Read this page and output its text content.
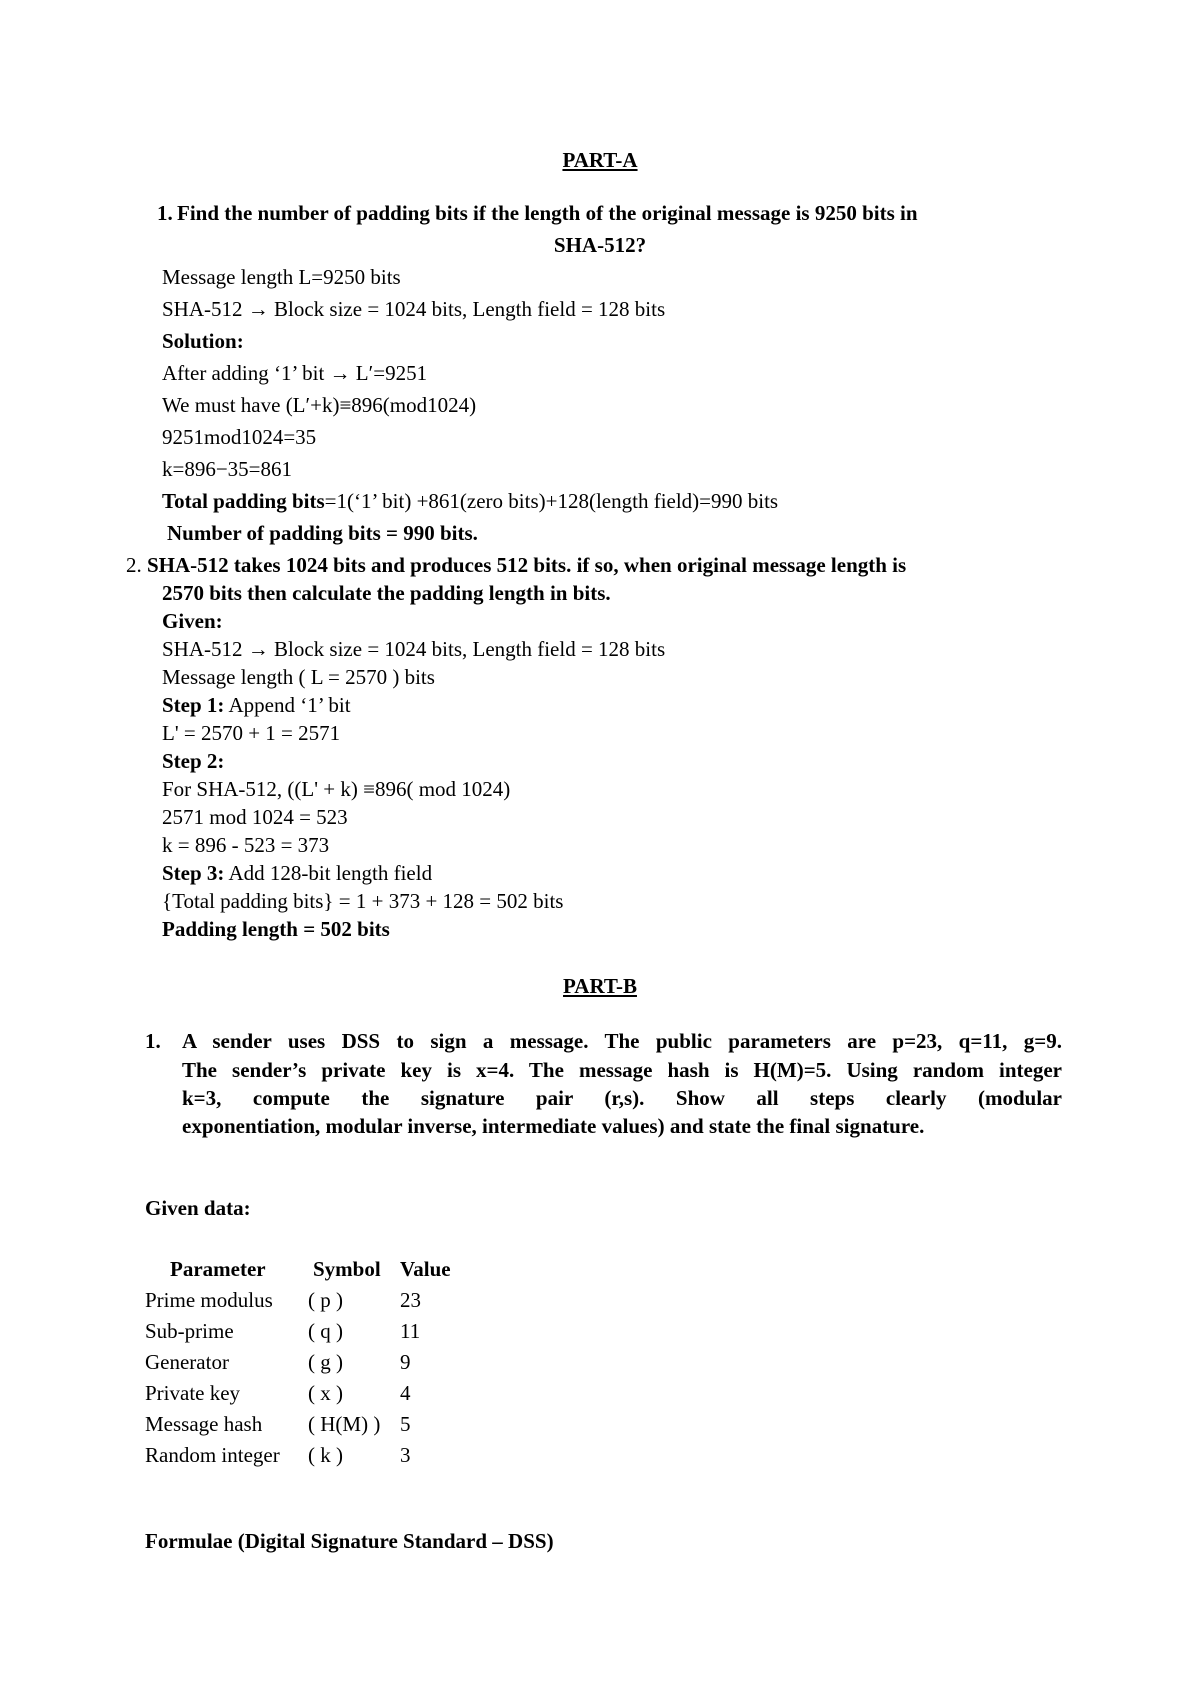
PART-A
1. Find the number of padding bits if the length of the original message is 9250 bits in
SHA-512?
Message length L=9250 bits
SHA-512 → Block size = 1024 bits, Length field = 128 bits
Solution:
After adding ‘1’ bit → L′=9251
We must have (L′+k)≡896(mod1024)
9251mod1024=35
k=896−35=861
Total padding bits=1(‘1’ bit) +861(zero bits)+128(length field)=990 bits
Number of padding bits = 990 bits.
2. SHA-512 takes 1024 bits and produces 512 bits. if so, when original message length is
2570 bits then calculate the padding length in bits.
Given:
SHA-512 → Block size = 1024 bits, Length field = 128 bits
Message length ( L = 2570 ) bits
Step 1: Append ‘1’ bit
L' = 2570 + 1 = 2571
Step 2:
For SHA-512, ((L' + k) ≡896( mod 1024)
2571 mod 1024 = 523
k = 896 - 523 = 373
Step 3: Add 128-bit length field
{Total padding bits} = 1 + 373 + 128 = 502 bits
Padding length = 502 bits
PART-B
1. A sender uses DSS to sign a message. The public parameters are p=23, q=11, g=9.
The sender’s private key is x=4. The message hash is H(M)=5. Using random integer
k=3, compute the signature pair (r,s). Show all steps clearly (modular
exponentiation, modular inverse, intermediate values) and state the final signature.
Given data:
Parameter Symbol Value
Prime modulus ( p )	23
Sub-prime	( q )	11
Generator	( g )	9
Private key	( x )	4
Message hash ( H(M) ) 5
Random integer ( k )	3
Formulae (Digital Signature Standard – DSS)
